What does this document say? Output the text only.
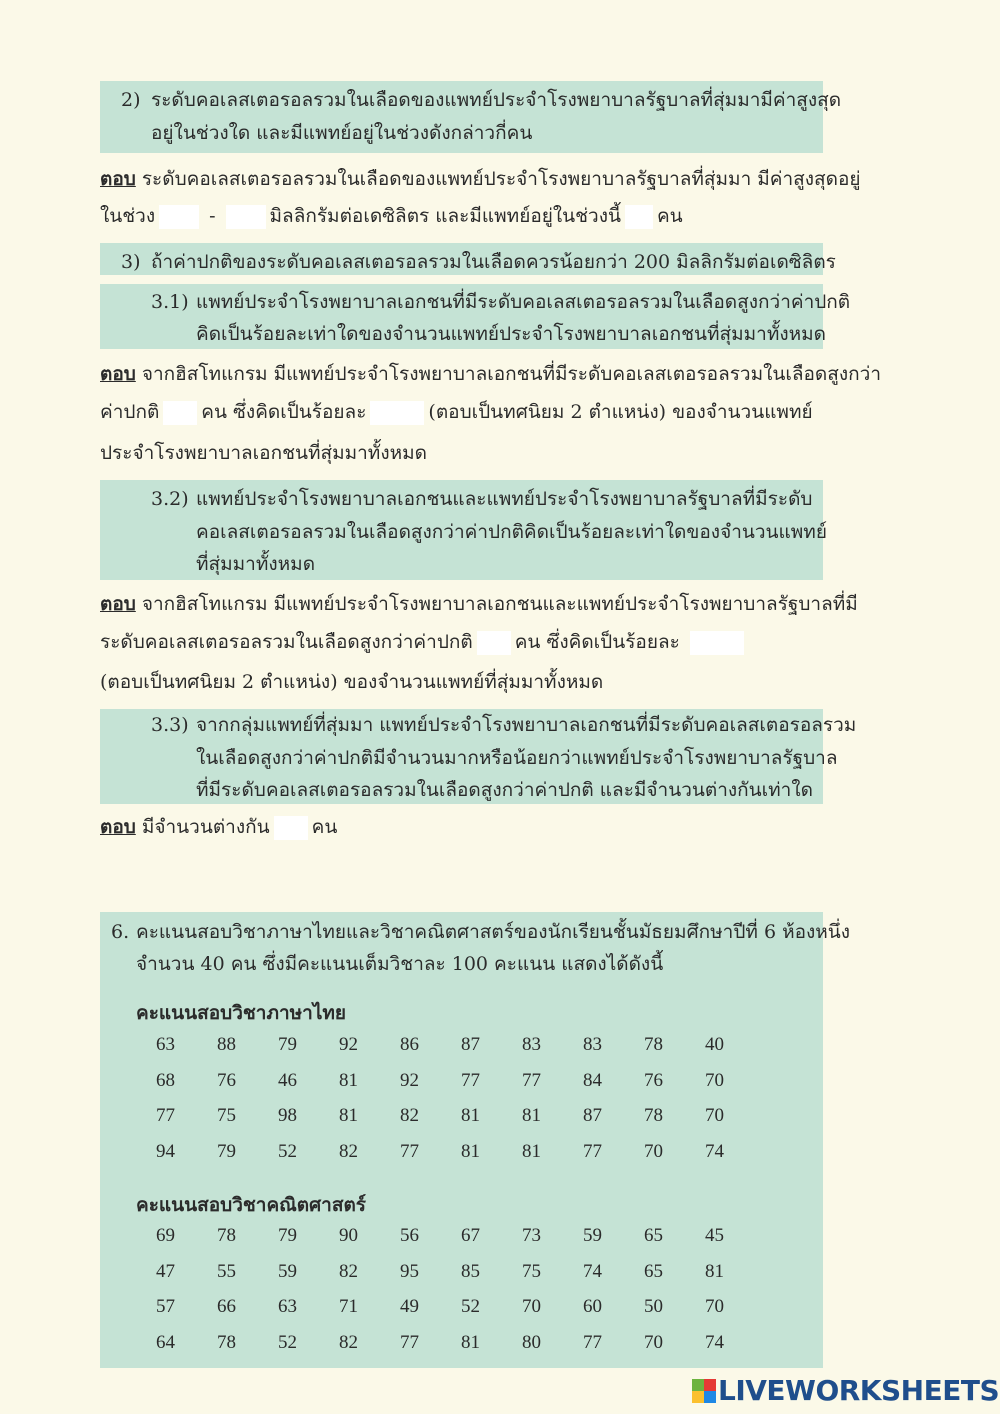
2) ระดับคอเลสเตอรอลรวมในเลือดของแพทย์ประจำโรงพยาบาลรัฐบาลที่สุ่มมามีค่าสูงสุด
อยู่ในช่วงใด และมีแพทย์อยู่ในช่วงดังกล่าวกี่คน
ตอบ ระดับคอเลสเตอรอลรวมในเลือดของแพทย์ประจำโรงพยาบาลรัฐบาลที่สุ่มมา มีค่าสูงสุดอยู่
ในช่วง	-	มิลลิกรัมต่อเดซิลิตร และมีแพทย์อยู่ในช่วงนี้ คน
3) ถ้าค่าปกติของระดับคอเลสเตอรอลรวมในเลือดควรน้อยกว่า 200 มิลลิกรัมต่อเดซิลิตร
3.1) แพทย์ประจำโรงพยาบาลเอกชนที่มีระดับคอเลสเตอรอลรวมในเลือดสูงกว่าค่าปกติ
คิดเป็นร้อยละเท่าใดของจำนวนแพทย์ประจำโรงพยาบาลเอกชนที่สุ่มมาทั้งหมด
ตอบ จากฮิสโทแกรม มีแพทย์ประจำโรงพยาบาลเอกชนที่มีระดับคอเลสเตอรอลรวมในเลือดสูงกว่า
ค่าปกติ คน ซึ่งคิดเป็นร้อยละ	(ตอบเป็นทศนิยม 2 ตำแหน่ง) ของจำนวนแพทย์
ประจำโรงพยาบาลเอกชนที่สุ่มมาทั้งหมด
3.2) แพทย์ประจำโรงพยาบาลเอกชนและแพทย์ประจำโรงพยาบาลรัฐบาลที่มีระดับ
คอเลสเตอรอลรวมในเลือดสูงกว่าค่าปกติคิดเป็นร้อยละเท่าใดของจำนวนแพทย์
ที่สุ่มมาทั้งหมด
ตอบ จากฮิสโทแกรม มีแพทย์ประจำโรงพยาบาลเอกชนและแพทย์ประจำโรงพยาบาลรัฐบาลที่มี
ระดับคอเลสเตอรอลรวมในเลือดสูงกว่าค่าปกติ คน ซึ่งคิดเป็นร้อยละ
(ตอบเป็นทศนิยม 2 ตำแหน่ง) ของจำนวนแพทย์ที่สุ่มมาทั้งหมด
3.3) จากกลุ่มแพทย์ที่สุ่มมา แพทย์ประจำโรงพยาบาลเอกชนที่มีระดับคอเลสเตอรอลรวม
ในเลือดสูงกว่าค่าปกติมีจำนวนมากหรือน้อยกว่าแพทย์ประจำโรงพยาบาลรัฐบาล
ที่มีระดับคอเลสเตอรอลรวมในเลือดสูงกว่าค่าปกติ และมีจำนวนต่างกันเท่าใด
ตอบ มีจำนวนต่างกัน คน
6. คะแนนสอบวิชาภาษาไทยและวิชาคณิตศาสตร์ของนักเรียนชั้นมัธยมศึกษาปีที่ 6 ห้องหนึ่ง
จำนวน 40 คน ซึ่งมีคะแนนเต็มวิชาละ 100 คะแนน แสดงได้ดังนี้
คะแนนสอบวิชาภาษาไทย
63	88	79	92	86	87	83	83	78	40
68	76	46	81	92	77	77	84	76	70
77	75	98	81	82	81	81	87	78	70
94	79	52	82	77	81	81	77	70	74
คะแนนสอบวิชาคณิตศาสตร์
69	78	79	90	56	67	73	59	65	45
47	55	59	82	95	85	75	74	65	81
57	66	63	71	49	52	70	60	50	70
64	78	52	82	77	81	80	77	70	74
LIVEWORKSHEETS
